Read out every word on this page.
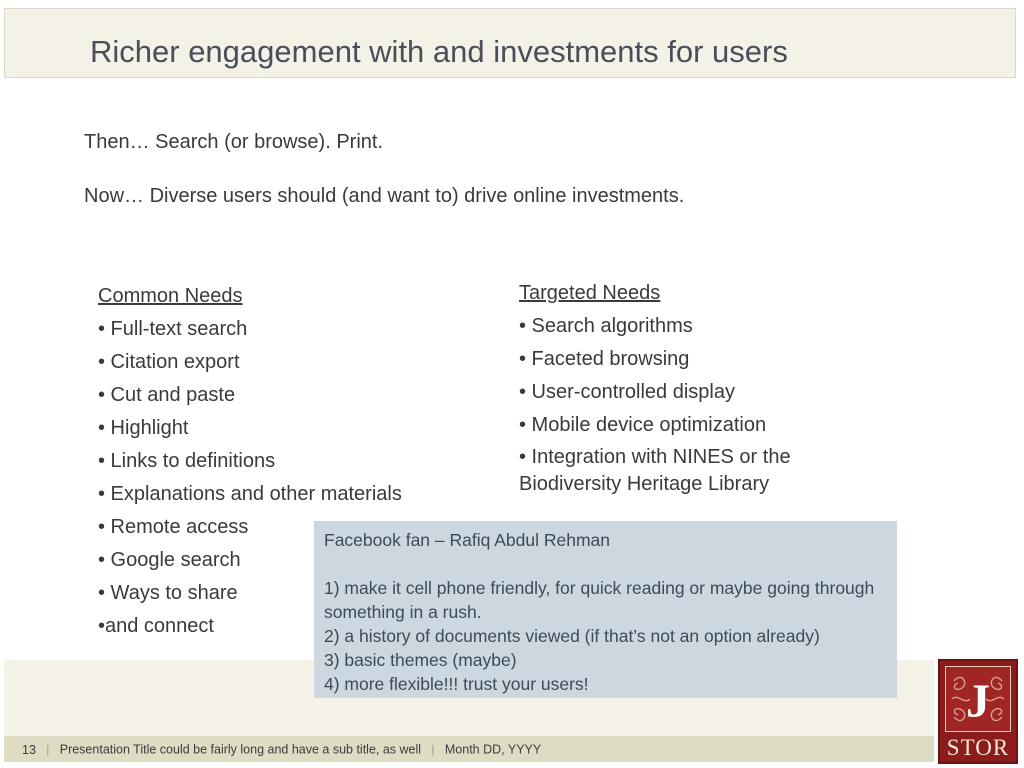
Richer engagement with and investments for users
Then… Search (or browse). Print.
Now… Diverse users should (and want to) drive online investments.
Common Needs
• Full-text search
• Citation export
• Cut and paste
• Highlight
• Links to definitions
• Explanations and other materials
• Remote access
• Google search
• Ways to share
•and connect
Targeted Needs
• Search algorithms
• Faceted browsing
• User-controlled display
• Mobile device optimization
• Integration with NINES or the Biodiversity Heritage Library
13 | Presentation Title could be fairly long and have a sub title, as well | Month DD, YYYY
Facebook fan – Rafiq Abdul Rehman
1) make it cell phone friendly, for quick reading or maybe going through something in a rush.
2) a history of documents viewed (if that’s not an option already)
3) basic themes (maybe)
4) more flexible!!! trust your users!	J
STOR
